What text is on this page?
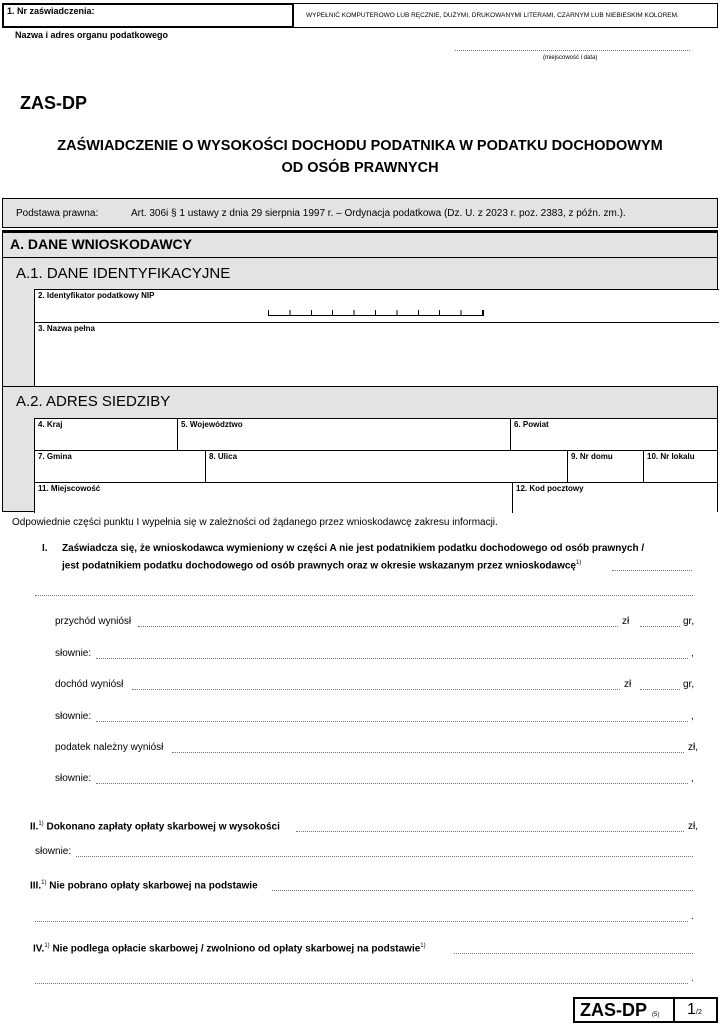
1. Nr zaświadczenia:	WYPEŁNIĆ KOMPUTEROWO LUB RĘCZNIE, DUŻYMI, DRUKOWANYMI LITERAMI, CZARNYM LUB NIEBIESKIM KOLOREM.
Nazwa i adres organu podatkowego
(miejscowość i data)
ZAS-DP
ZAŚWIADCZENIE O WYSOKOŚCI DOCHODU PODATNIKA W PODATKU DOCHODOWYM
OD OSÓB PRAWNYCH
Podstawa prawna:	Art. 306i § 1 ustawy z dnia 29 sierpnia 1997 r. – Ordynacja podatkowa (Dz. U. z 2023 r. poz. 2383, z późn. zm.).
A. DANE WNIOSKODAWCY
A.1. DANE IDENTYFIKACYJNE
2. Identyfikator podatkowy NIP
3. Nazwa pełna
A.2. ADRES SIEDZIBY
4. Kraj	5. Województwo	6. Powiat
7. Gmina	8. Ulica	9. Nr domu	10. Nr lokalu
11. Miejscowość	12. Kod pocztowy
Odpowiednie części punktu I wypełnia się w zależności od żądanego przez wnioskodawcę zakresu informacji.
I. Zaświadcza się, że wnioskodawca wymieniony w części A nie jest podatnikiem podatku dochodowego od osób prawnych /
jest podatnikiem podatku dochodowego od osób prawnych oraz w okresie wskazanym przez wnioskodawcę$^{1)}$
przychód wyniósł	zł	gr,
słownie:	,
dochód wyniósł	zł	gr,
słownie:	,
podatek należny wyniósł	zł,
słownie:	,
II.$^{1)}$ Dokonano zapłaty opłaty skarbowej w wysokości	zł,
słownie:
III.$^{1)}$ Nie pobrano opłaty skarbowej na podstawie
.
IV.$^{1)}$ Nie podlega opłacie skarbowej / zwolniono od opłaty skarbowej na podstawie$^{1)}$
.
ZAS-DP (5) 1 /2
